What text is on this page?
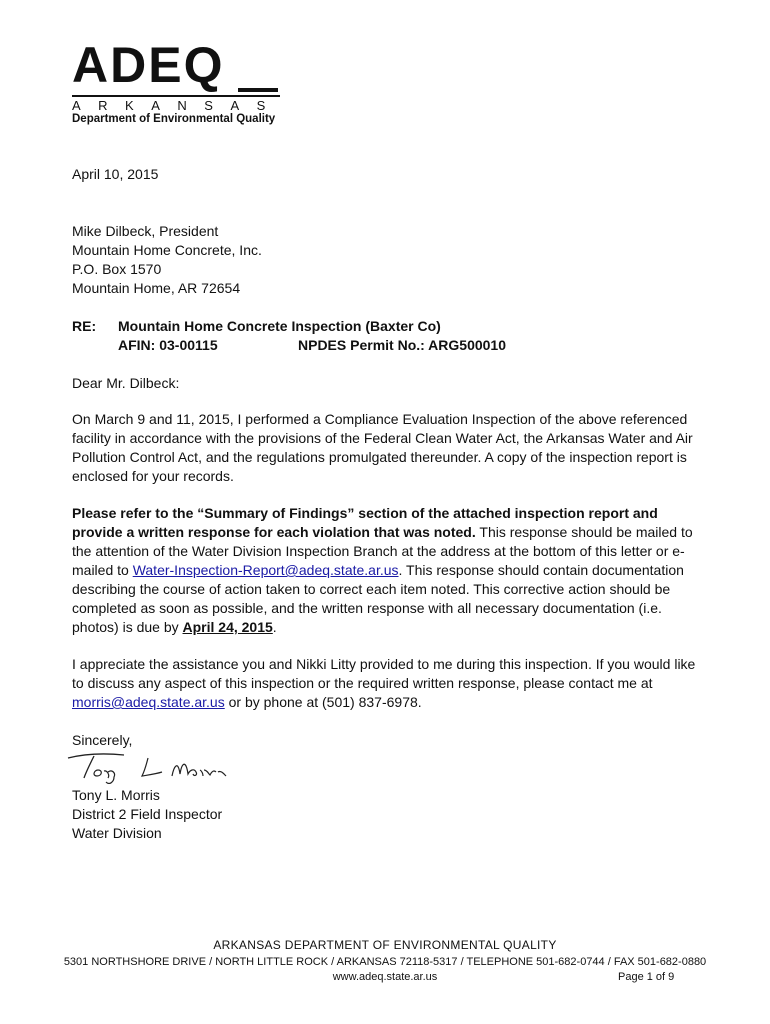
ADEQ
ARKANSAS
Department of Environmental Quality
April 10, 2015
Mike Dilbeck, President
Mountain Home Concrete, Inc.
P.O. Box 1570
Mountain Home, AR 72654
RE: Mountain Home Concrete Inspection (Baxter Co)
AFIN: 03-00115	NPDES Permit No.: ARG500010
Dear Mr. Dilbeck:
On March 9 and 11, 2015, I performed a Compliance Evaluation Inspection of the above referenced facility in accordance with the provisions of the Federal Clean Water Act, the Arkansas Water and Air Pollution Control Act, and the regulations promulgated thereunder. A copy of the inspection report is enclosed for your records.
Please refer to the “Summary of Findings” section of the attached inspection report and provide a written response for each violation that was noted. This response should be mailed to the attention of the Water Division Inspection Branch at the address at the bottom of this letter or e-mailed to Water-Inspection-Report@adeq.state.ar.us. This response should contain documentation describing the course of action taken to correct each item noted. This corrective action should be completed as soon as possible, and the written response with all necessary documentation (i.e. photos) is due by April 24, 2015.
I appreciate the assistance you and Nikki Litty provided to me during this inspection. If you would like to discuss any aspect of this inspection or the required written response, please contact me at morris@adeq.state.ar.us or by phone at (501) 837-6978.
Sincerely,
Tony L. Morris
District 2 Field Inspector
Water Division
ARKANSAS DEPARTMENT OF ENVIRONMENTAL QUALITY
5301 NORTHSHORE DRIVE / NORTH LITTLE ROCK / ARKANSAS 72118-5317 / TELEPHONE 501-682-0744 / FAX 501-682-0880
www.adeq.state.ar.us	Page 1 of 9
